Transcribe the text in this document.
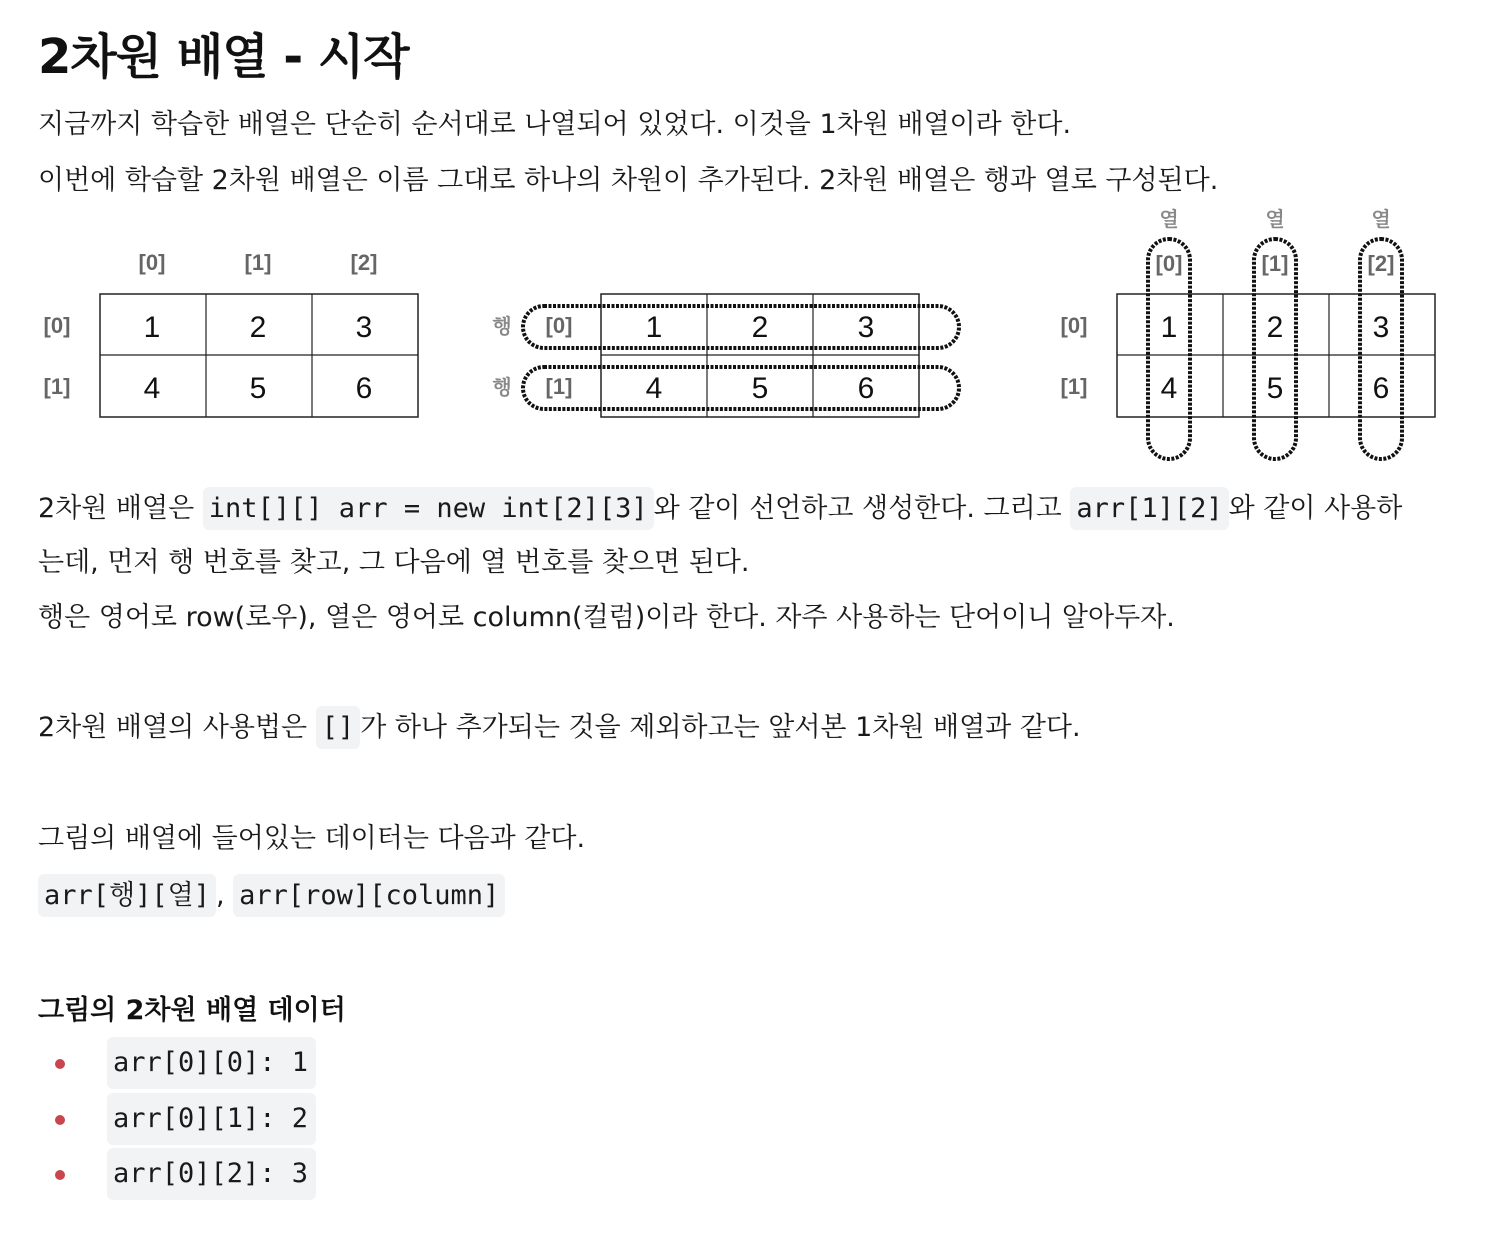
2차원 배열 - 시작

지금까지 학습한 배열은 단순히 순서대로 나열되어 있었다. 이것을 1차원 배열이라 한다.

이번에 학습할 2차원 배열은 이름 그대로 하나의 차원이 추가된다. 2차원 배열은 행과 열로 구성된다.

[0]	[1]	[2]
[0]
[1]
1	2	3
4	5	6
행
행
[0]
[1]
1	2	3
4	5	6
열	열	열
[0]	[1]	[2]
[0]
[1]
1	2	3
4	5	6

2차원 배열은 int[][] arr = new int[2][3] 와 같이 선언하고 생성한다. 그리고 arr[1][2] 와 같이 사용하

는데, 먼저 행 번호를 찾고, 그 다음에 열 번호를 찾으면 된다.

행은 영어로 row(로우), 열은 영어로 column(컬럼)이라 한다. 자주 사용하는 단어이니 알아두자.

2차원 배열의 사용법은 [] 가 하나 추가되는 것을 제외하고는 앞서본 1차원 배열과 같다.

그림의 배열에 들어있는 데이터는 다음과 같다.

arr[행][열] , arr[row][column]

그림의 2차원 배열 데이터
arr[0][0]: 1
arr[0][1]: 2
arr[0][2]: 3
